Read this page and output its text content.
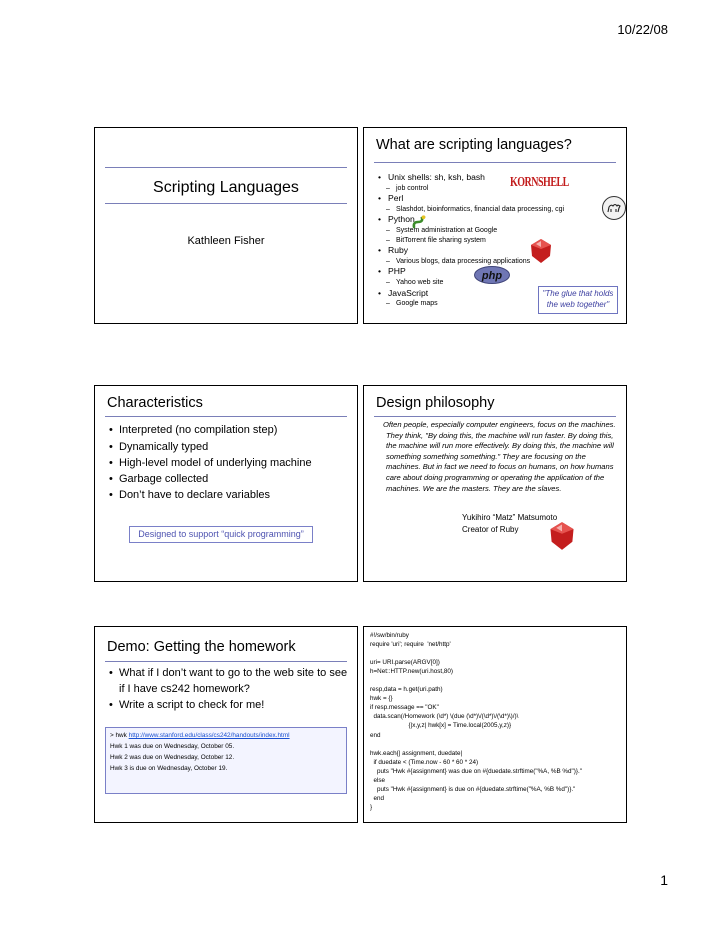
10/22/08
Scripting Languages
Kathleen Fisher
What are scripting languages?
• Unix shells: sh, ksh, bash
– job control
• Perl
– Slashdot, bioinformatics, financial data processing, cgi
• Python
– System administration at Google
– BitTorrent file sharing system
• Ruby
– Various blogs, data processing applications
• PHP
– Yahoo web site
• JavaScript
– Google maps
KORNSHELL
php
"The glue that holds the web together"
Characteristics
• Interpreted (no compilation step)
• Dynamically typed
• High-level model of underlying machine
• Garbage collected
• Don’t have to declare variables
Designed to support “quick programming”
Design philosophy
Often people, especially computer engineers, focus on the machines. They think, "By doing this, the machine will run faster. By doing this, the machine will run more effectively. By doing this, the machine will something something something." They are focusing on the machines. But in fact we need to focus on humans, on how humans care about doing programming or operating the application of the machines. We are the masters. They are the slaves.
Yukihiro “Matz” Matsumoto
Creator of Ruby
Demo: Getting the homework
• What if I don’t want to go to the web site to see if I have cs242 homework?
• Write a script to check for me!
> hwk http://www.stanford.edu/class/cs242/handouts/index.html
Hwk 1 was due on Wednesday, October 05.
Hwk 2 was due on Wednesday, October 12.
Hwk 3 is due on Wednesday, October 19.
#!/sw/bin/ruby
require 'uri'; require  'net/http'

uri= URI.parse(ARGV[0])
h=Net::HTTP.new(uri.host,80)

resp,data = h.get(uri.path)
hwk = {}
if resp.message == "OK"
data.scan(/Homework (\d*) \(due (\d*)\/(\d*)\/(\d*)\)/)\
{|x,y,z| hwk[x] = Time.local(2005,y,z)}
end

hwk.each{| assignment, duedate|
if duedate < (Time.now - 60 * 60 * 24)
puts "Hwk #{assignment} was due on #{duedate.strftime("%A, %B %d")}."
else
puts "Hwk #{assignment} is due on #{duedate.strftime("%A, %B %d")}."
end
}
1
